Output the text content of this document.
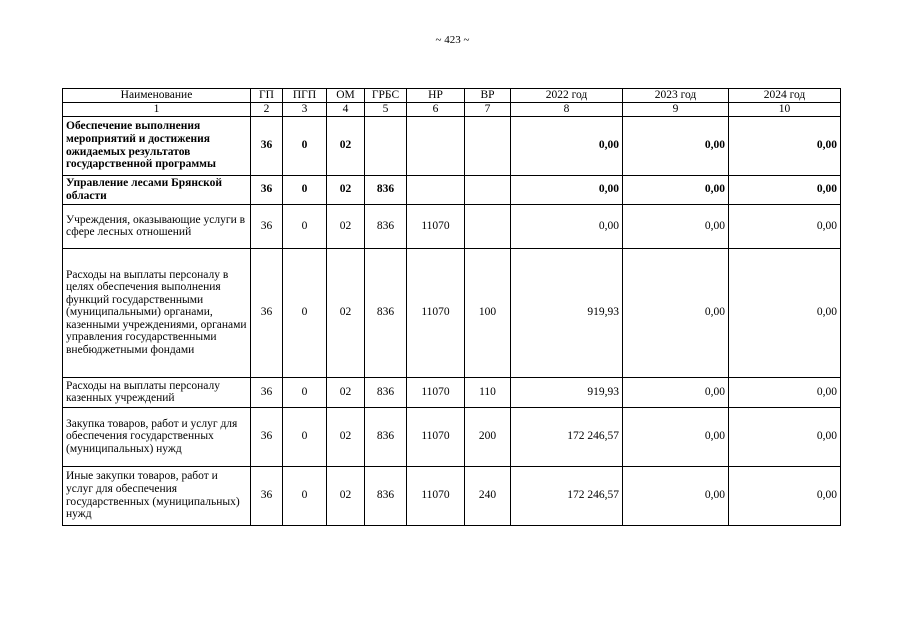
~ 423 ~
Наименование	ГП	ПГП	ОМ	ГРБС	НР	ВР	2022 год	2023 год	2024 год
1	2	3	4	5	6	7	8	9	10
Обеспечение выполнения мероприятий и достижения ожидаемых результатов государственной программы	36	0	02				0,00	0,00	0,00
Управление лесами Брянской области	36	0	02	836			0,00	0,00	0,00
Учреждения, оказывающие услуги в сфере лесных отношений	36	0	02	836	11070		0,00	0,00	0,00
Расходы на выплаты персоналу в целях обеспечения выполнения функций государственными (муниципальными) органами, казенными учреждениями, органами управления государственными внебюджетными фондами	36	0	02	836	11070	100	919,93	0,00	0,00
Расходы на выплаты персоналу казенных учреждений	36	0	02	836	11070	110	919,93	0,00	0,00
Закупка товаров, работ и услуг для обеспечения государственных (муниципальных) нужд	36	0	02	836	11070	200	172 246,57	0,00	0,00
Иные закупки товаров, работ и услуг для обеспечения государственных (муниципальных) нужд	36	0	02	836	11070	240	172 246,57	0,00	0,00
